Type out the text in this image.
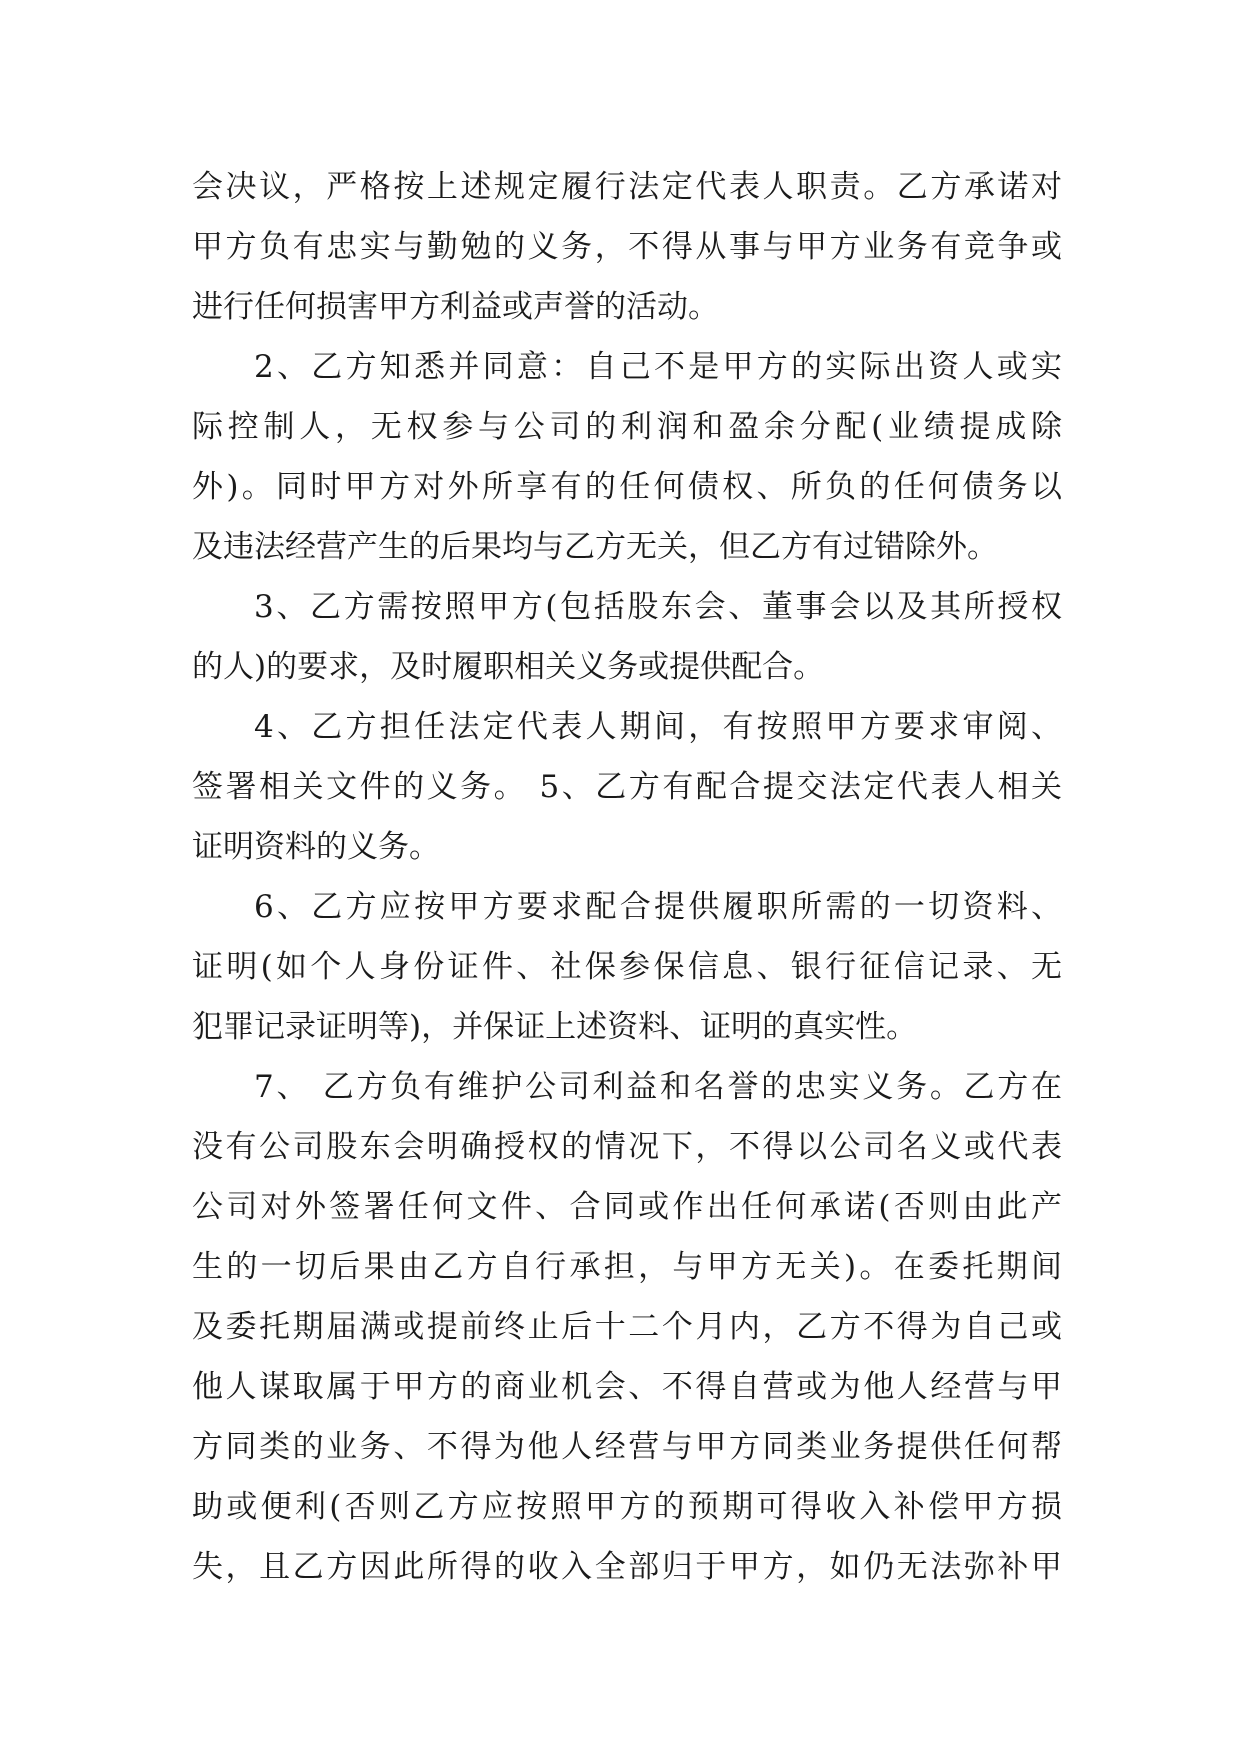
会决议，严格按上述规定履行法定代表人职责。乙方承诺对
甲方负有忠实与勤勉的义务，不得从事与甲方业务有竞争或
进行任何损害甲方利益或声誉的活动。
2、乙方知悉并同意：自己不是甲方的实际出资人或实
际控制人，无权参与公司的利润和盈余分配(业绩提成除
外)。同时甲方对外所享有的任何债权、所负的任何债务以
及违法经营产生的后果均与乙方无关，但乙方有过错除外。
3、乙方需按照甲方(包括股东会、董事会以及其所授权
的人)的要求，及时履职相关义务或提供配合。
4、乙方担任法定代表人期间，有按照甲方要求审阅、
签署相关文件的义务。 5、乙方有配合提交法定代表人相关
证明资料的义务。
6、乙方应按甲方要求配合提供履职所需的一切资料、
证明(如个人身份证件、社保参保信息、银行征信记录、无
犯罪记录证明等)，并保证上述资料、证明的真实性。
7、 乙方负有维护公司利益和名誉的忠实义务。乙方在
没有公司股东会明确授权的情况下，不得以公司名义或代表
公司对外签署任何文件、合同或作出任何承诺(否则由此产
生的一切后果由乙方自行承担，与甲方无关)。在委托期间
及委托期届满或提前终止后十二个月内，乙方不得为自己或
他人谋取属于甲方的商业机会、不得自营或为他人经营与甲
方同类的业务、不得为他人经营与甲方同类业务提供任何帮
助或便利(否则乙方应按照甲方的预期可得收入补偿甲方损
失，且乙方因此所得的收入全部归于甲方，如仍无法弥补甲
